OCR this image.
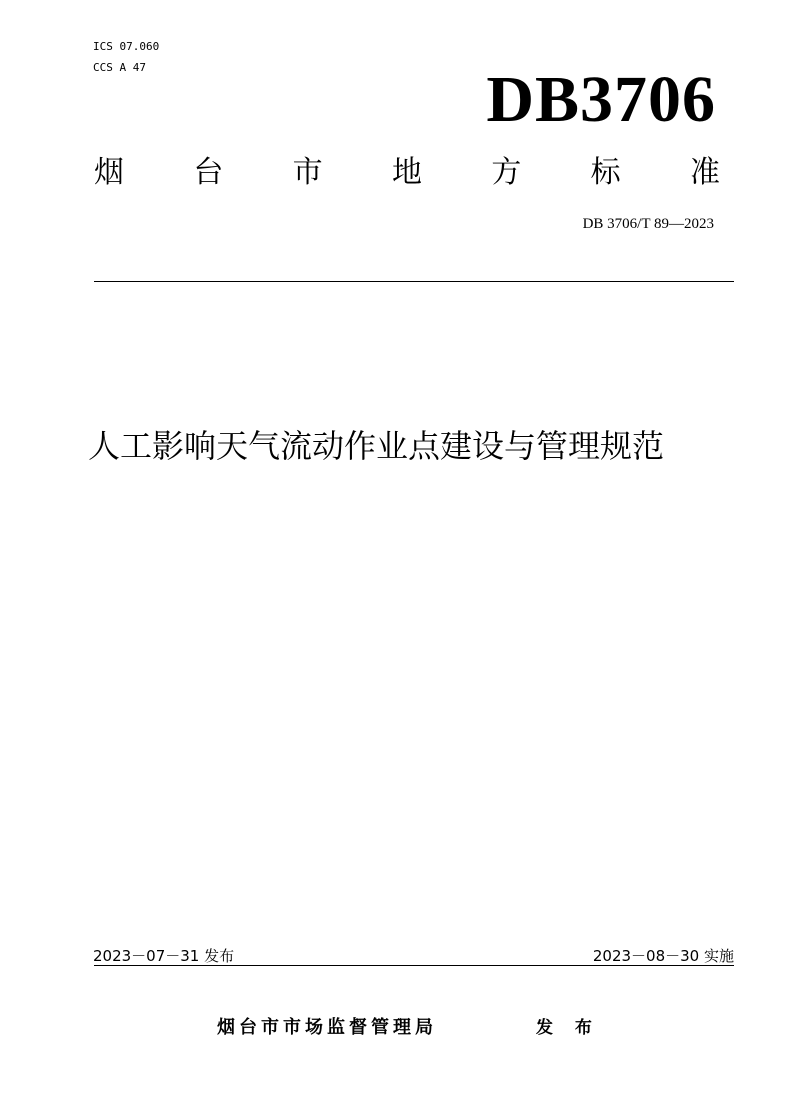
ICS 07.060
CCS A 47	DB3706
烟 台 市 地 方 标 准
DB 3706/T 89—2023
人工影响天气流动作业点建设与管理规范
2023－07－31 发布	2023－08－30 实施
烟台市市场监督管理局	发 布
